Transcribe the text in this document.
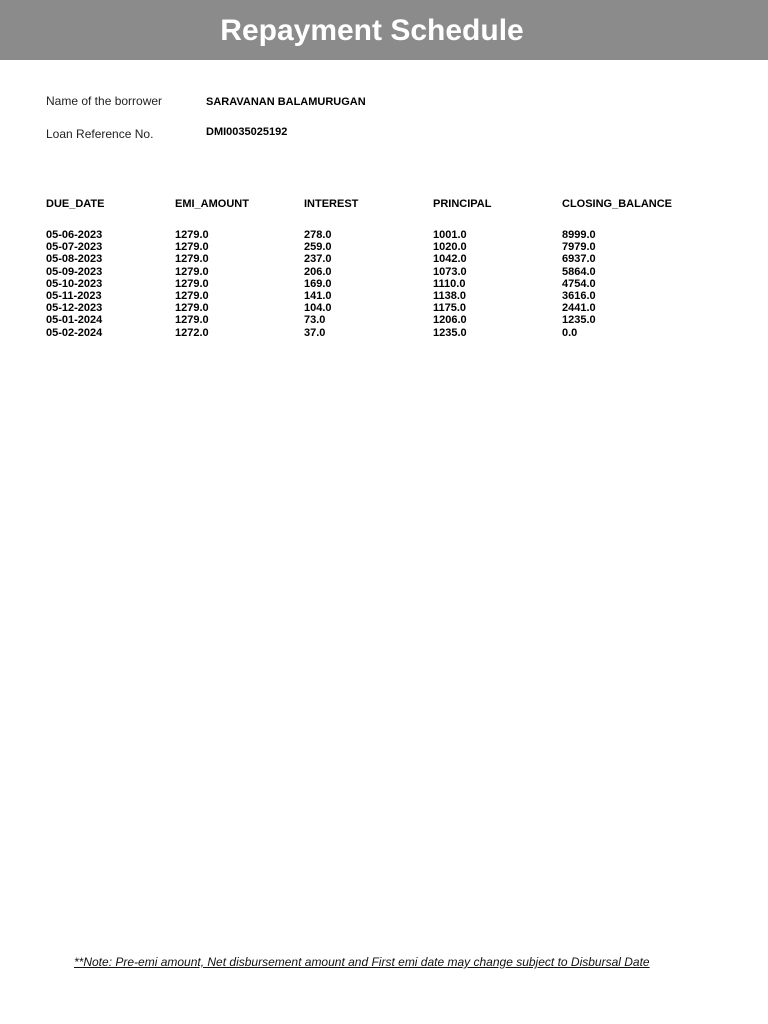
Repayment Schedule
Name of the borrower	SARAVANAN BALAMURUGAN
Loan Reference No.	DMI0035025192
DUE_DATE	EMI_AMOUNT	INTEREST	PRINCIPAL	CLOSING_BALANCE

05-06-2023	1279.0	278.0	1001.0	8999.0
05-07-2023	1279.0	259.0	1020.0	7979.0
05-08-2023	1279.0	237.0	1042.0	6937.0
05-09-2023	1279.0	206.0	1073.0	5864.0
05-10-2023	1279.0	169.0	1110.0	4754.0
05-11-2023	1279.0	141.0	1138.0	3616.0
05-12-2023	1279.0	104.0	1175.0	2441.0
05-01-2024	1279.0	73.0	1206.0	1235.0
05-02-2024	1272.0	37.0	1235.0	0.0
**Note: Pre-emi amount, Net disbursement amount and First emi date may change subject to Disbursal Date
